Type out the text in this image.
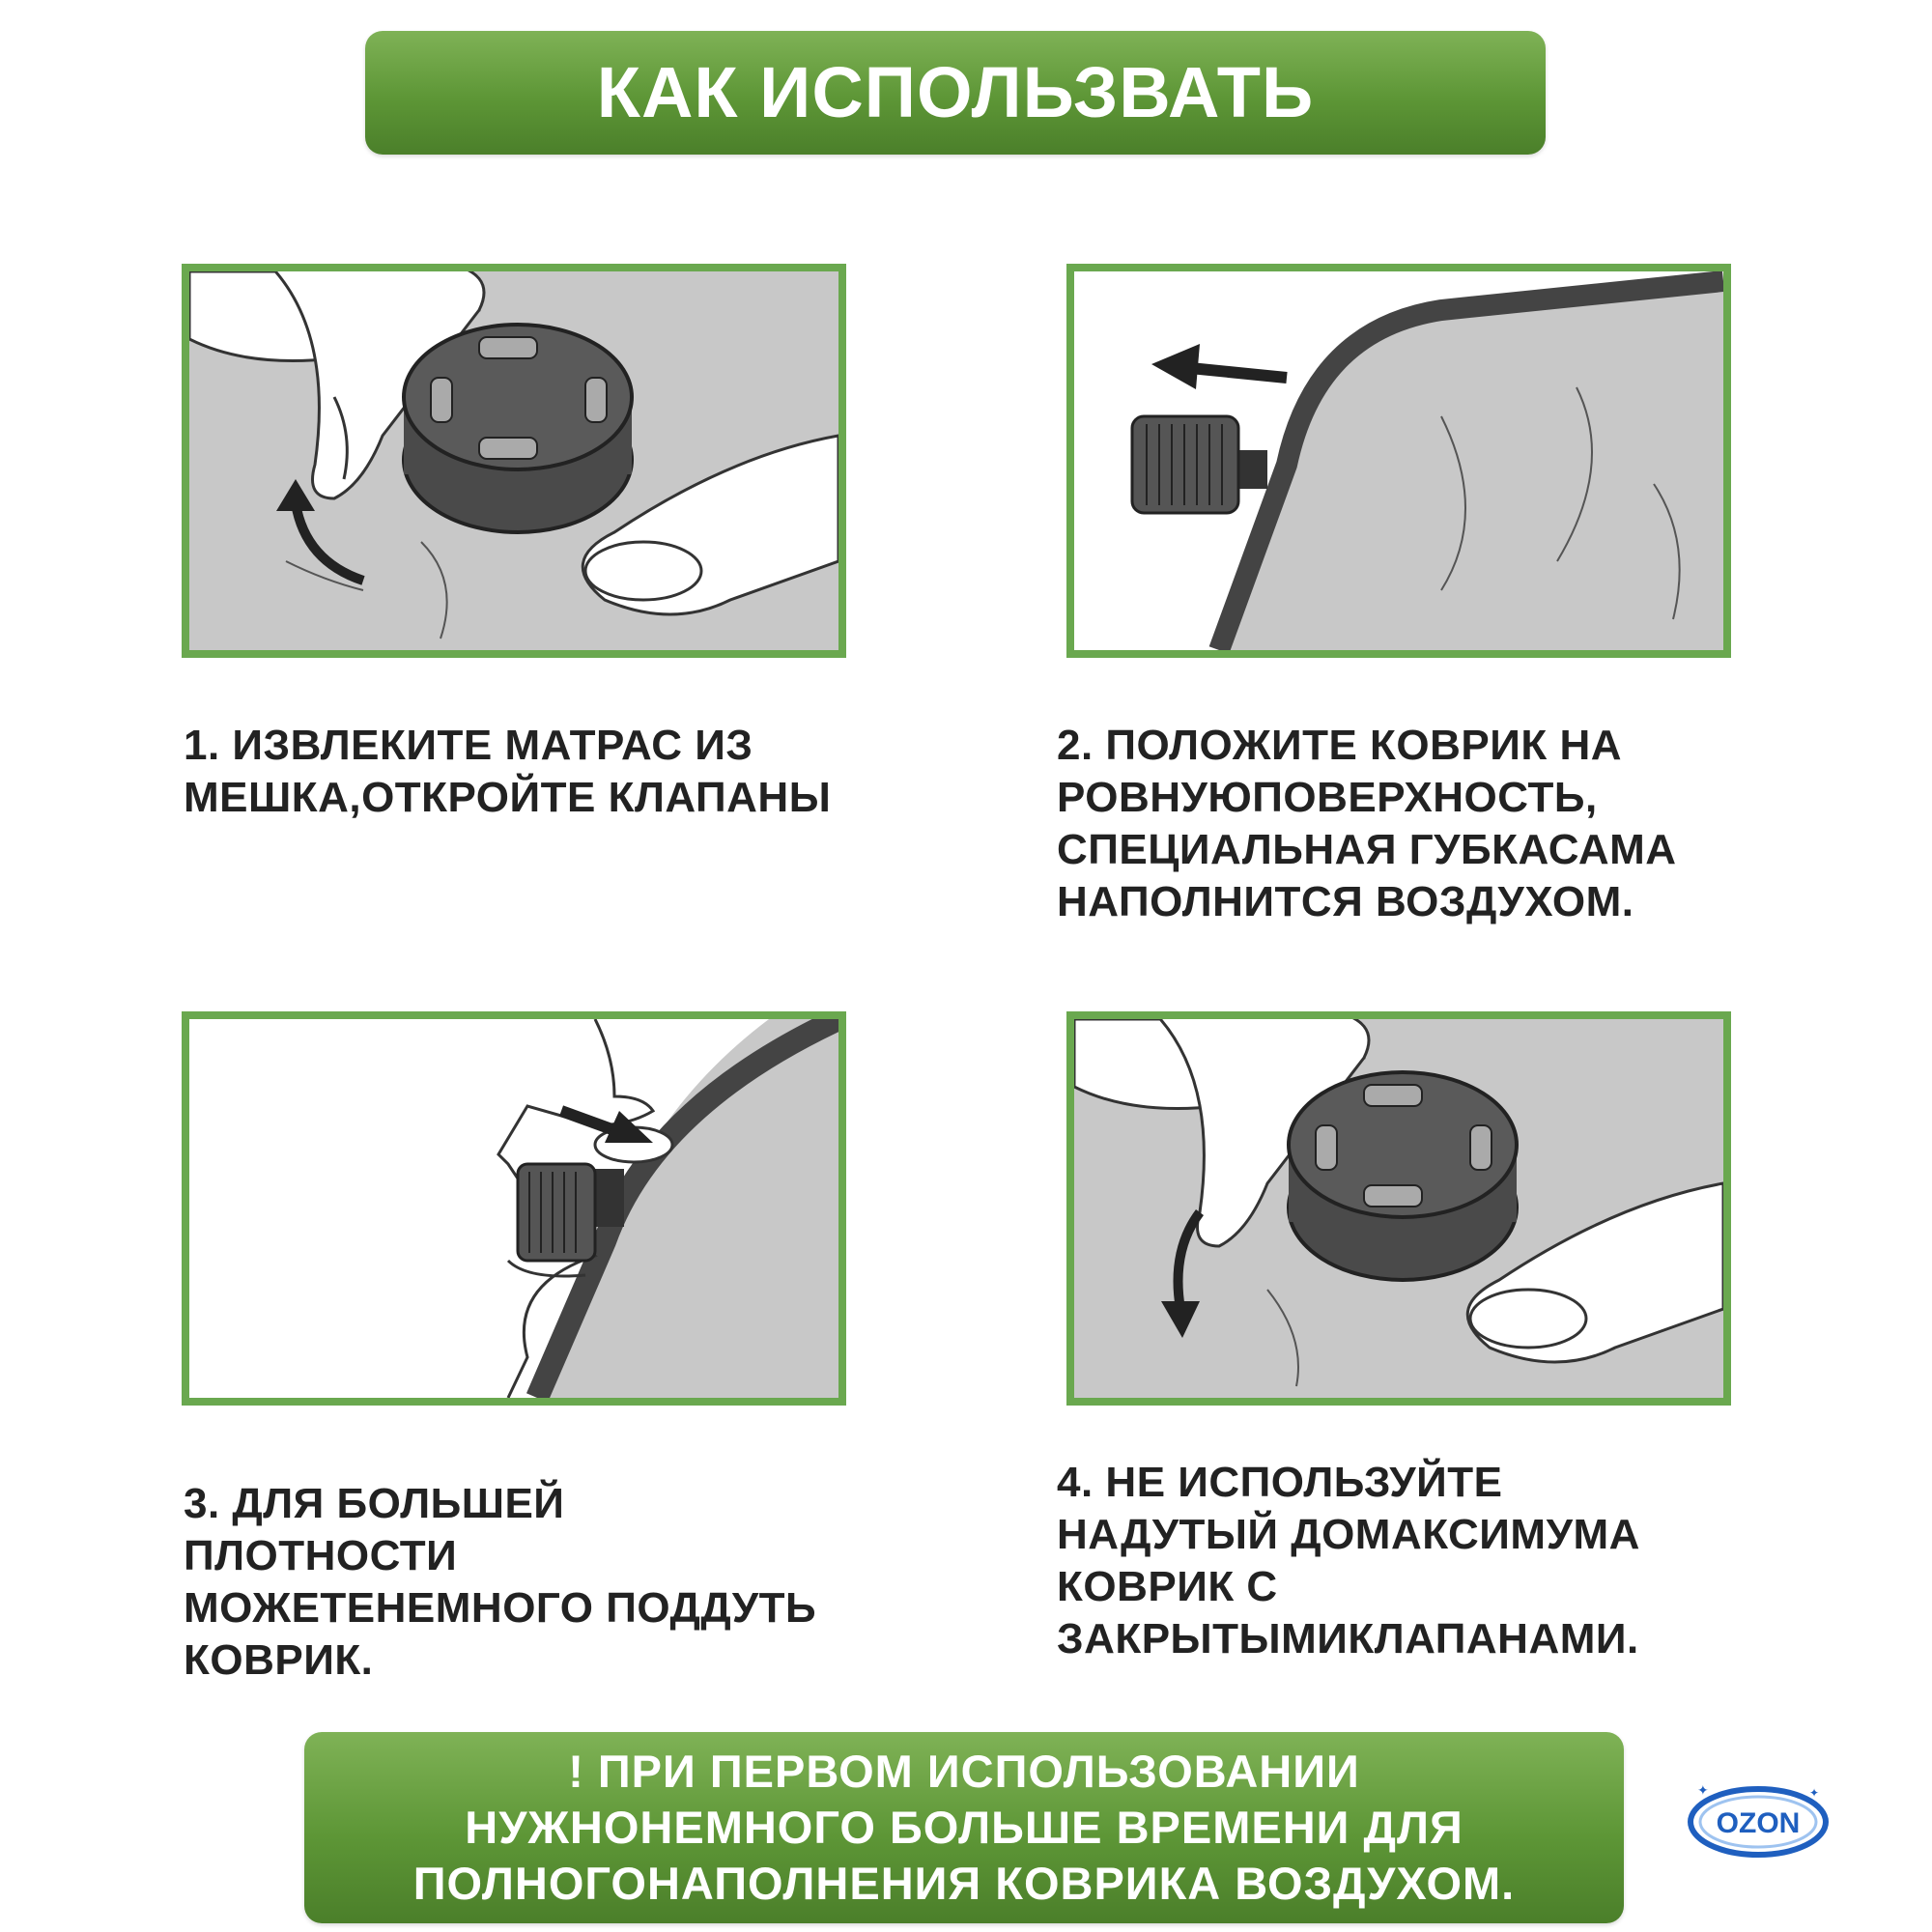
КАК ИСПОЛЬЗВАТЬ
1. ИЗВЛЕКИТЕ МАТРАС ИЗ
МЕШКА,ОТКРОЙТЕ КЛАПАНЫ
2. ПОЛОЖИТЕ КОВРИК НА
РОВНУЮПОВЕРХНОСТЬ,
СПЕЦИАЛЬНАЯ ГУБКАСАМА
НАПОЛНИТСЯ ВОЗДУХОМ.
3. ДЛЯ БОЛЬШЕЙ
ПЛОТНОСТИ
МОЖЕТЕНЕМНОГО ПОДДУТЬ
КОВРИК.
4. НЕ ИСПОЛЬЗУЙТЕ
НАДУТЫЙ ДОМАКСИМУМА
КОВРИК С
ЗАКРЫТЫМИКЛАПАНАМИ.
! ПРИ ПЕРВОМ ИСПОЛЬЗОВАНИИ
НУЖНОНЕМНОГО БОЛЬШЕ ВРЕМЕНИ ДЛЯ
ПОЛНОГОНАПОЛНЕНИЯ КОВРИКА ВОЗДУХОМ.
OZON
✦	✦
